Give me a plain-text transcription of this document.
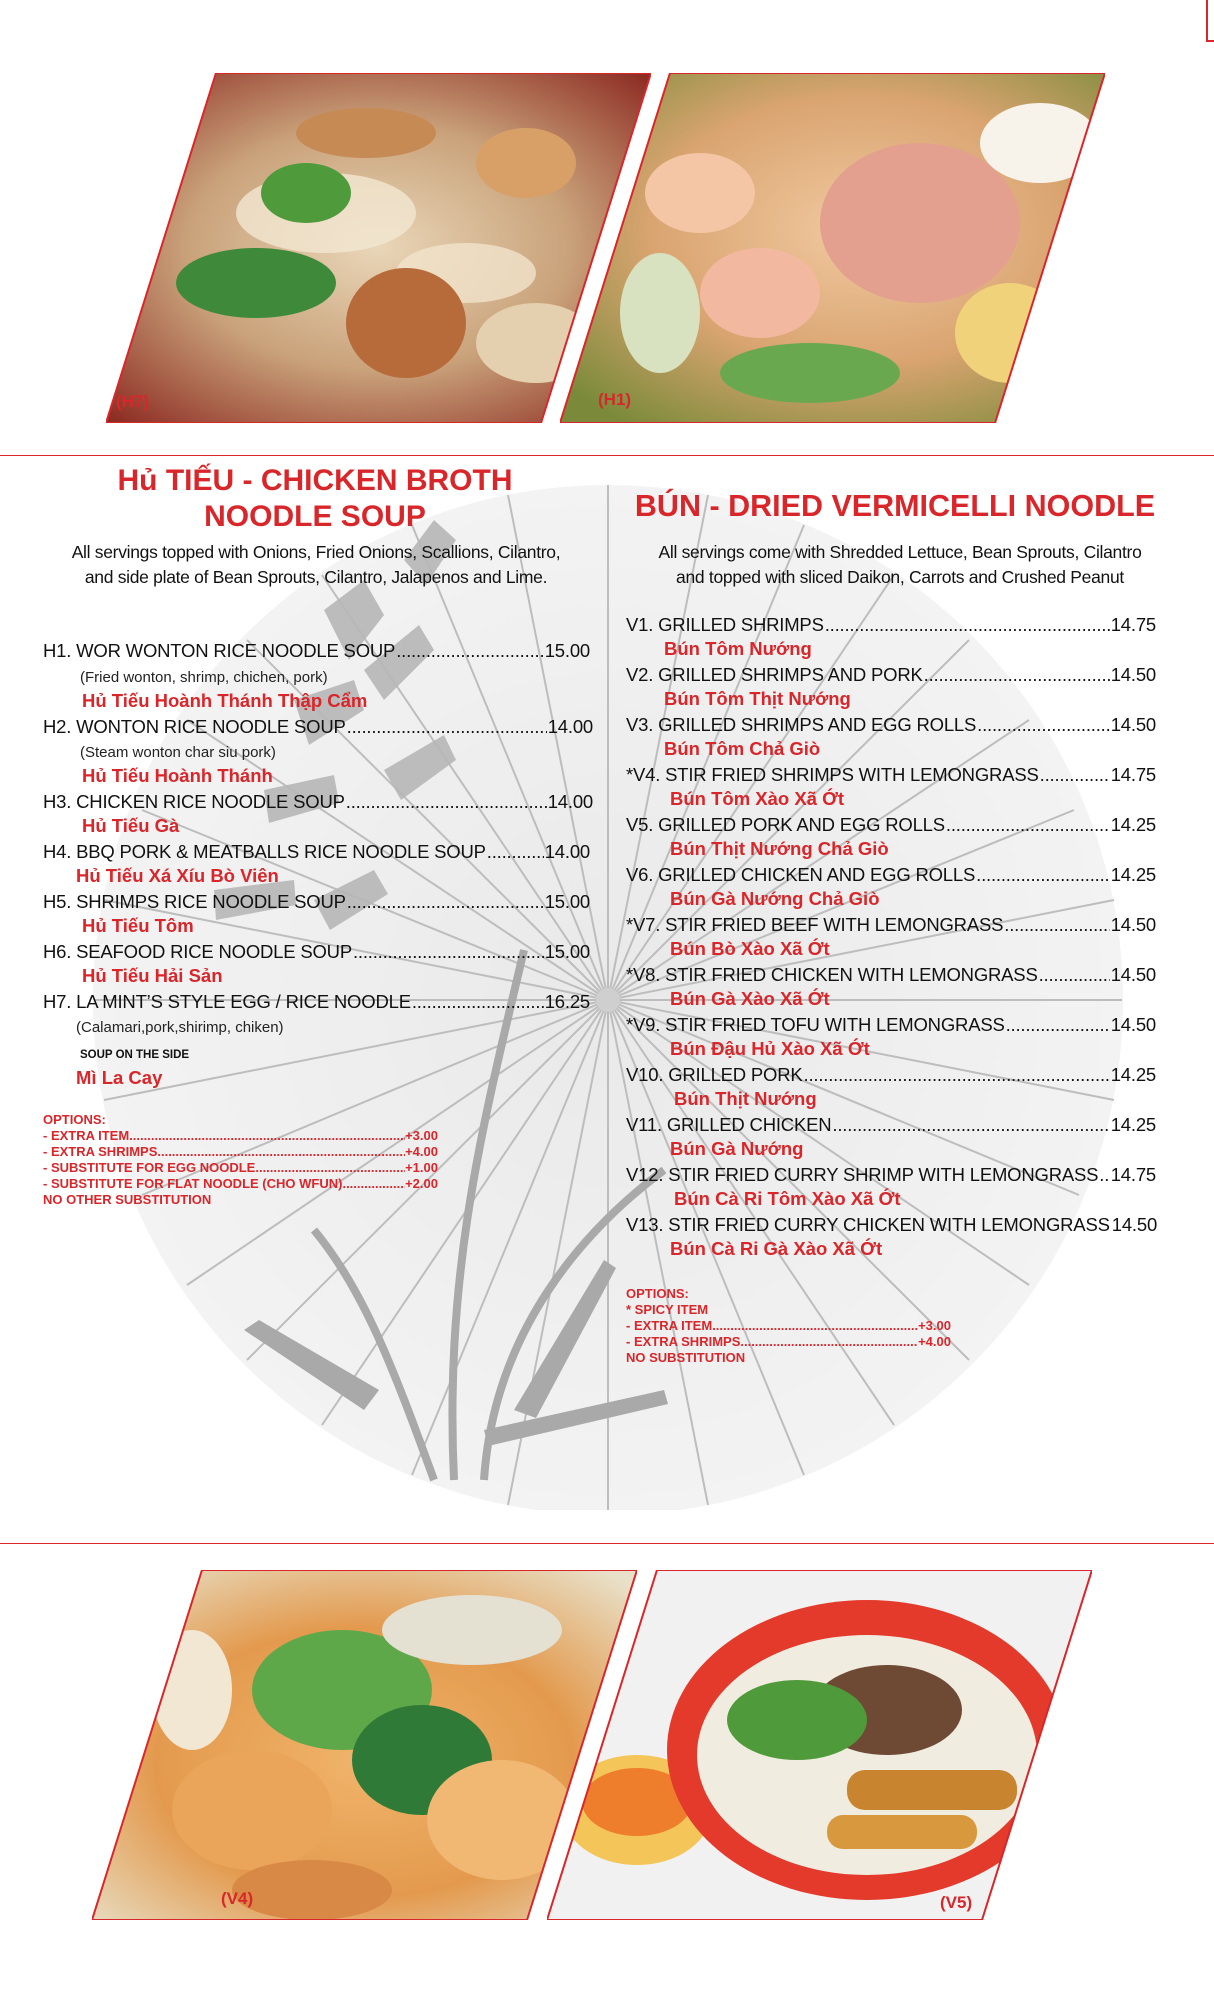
(H7)	(H1)
Hủ TIẾU - CHICKEN BROTH
NOODLE SOUP
All servings topped with Onions, Fried Onions, Scallions, Cilantro,
and side plate of Bean Sprouts, Cilantro, Jalapenos and Lime.
H1. WOR WONTON RICE NOODLE SOUP .....	15.00
(Fried wonton, shrimp, chichen, pork)
Hủ Tiếu Hoành Thánh Thập Cẩm
H2. WONTON RICE NOODLE SOUP .....	14.00
(Steam wonton char siu pork)
Hủ Tiếu Hoành Thánh
H3. CHICKEN RICE NOODLE SOUP .....	14.00
Hủ Tiếu Gà
H4. BBQ PORK & MEATBALLS RICE NOODLE SOUP .....	14.00
Hủ Tiếu Xá Xíu Bò Viên
H5. SHRIMPS RICE NOODLE SOUP .....	15.00
Hủ Tiếu Tôm
H6. SEAFOOD RICE NOODLE SOUP .....	15.00
Hủ Tiếu Hải Sản
H7. LA MINT’S STYLE EGG / RICE NOODLE .....	16.25
(Calamari,pork,shirimp, chiken)
SOUP ON THE SIDE
Mì La Cay
OPTIONS:
- EXTRA ITEM .....	+3.00
- EXTRA SHRIMPS .....	+4.00
- SUBSTITUTE FOR EGG NOODLE .....	+1.00
- SUBSTITUTE FOR FLAT NOODLE (CHO WFUN) .....	+2.00
NO OTHER SUBSTITUTION
BÚN - DRIED VERMICELLI NOODLE
All servings come with Shredded Lettuce, Bean Sprouts, Cilantro
and topped with sliced Daikon, Carrots and Crushed Peanut
V1. GRILLED SHRIMPS .....	14.75
Bún Tôm Nướng
V2. GRILLED SHRIMPS AND PORK .....	14.50
Bún Tôm Thịt Nướng
V3. GRILLED SHRIMPS AND EGG ROLLS .....	14.50
Bún Tôm Chả Giò
*V4. STIR FRIED SHRIMPS WITH LEMONGRASS .....	14.75
Bún Tôm Xào Xã Ớt
V5. GRILLED PORK AND EGG ROLLS .....	14.25
Bún Thịt Nướng Chả Giò
V6. GRILLED CHICKEN AND EGG ROLLS .....	14.25
Bún Gà Nướng Chả Giò
*V7. STIR FRIED BEEF WITH LEMONGRASS .....	14.50
Bún Bò Xào Xã Ớt
*V8. STIR FRIED CHICKEN WITH LEMONGRASS .....	14.50
Bún Gà Xào Xã Ớt
*V9. STIR FRIED TOFU WITH LEMONGRASS .....	14.50
Bún Đậu Hủ Xào Xã Ớt
V10. GRILLED PORK .....	14.25
Bún Thịt Nướng
V11. GRILLED CHICKEN .....	14.25
Bún Gà Nướng
V12. STIR FRIED CURRY SHRIMP WITH LEMONGRASS ..... 14.75
Bún Cà Ri Tôm Xào Xã Ớt
V13. STIR FRIED CURRY CHICKEN WITH LEMONGRASS 14.50
Bún Cà Ri Gà Xào Xã Ớt
OPTIONS:
* SPICY ITEM
- EXTRA ITEM .....	+3.00
- EXTRA SHRIMPS .....	+4.00
NO SUBSTITUTION
(V4)	(V5)
